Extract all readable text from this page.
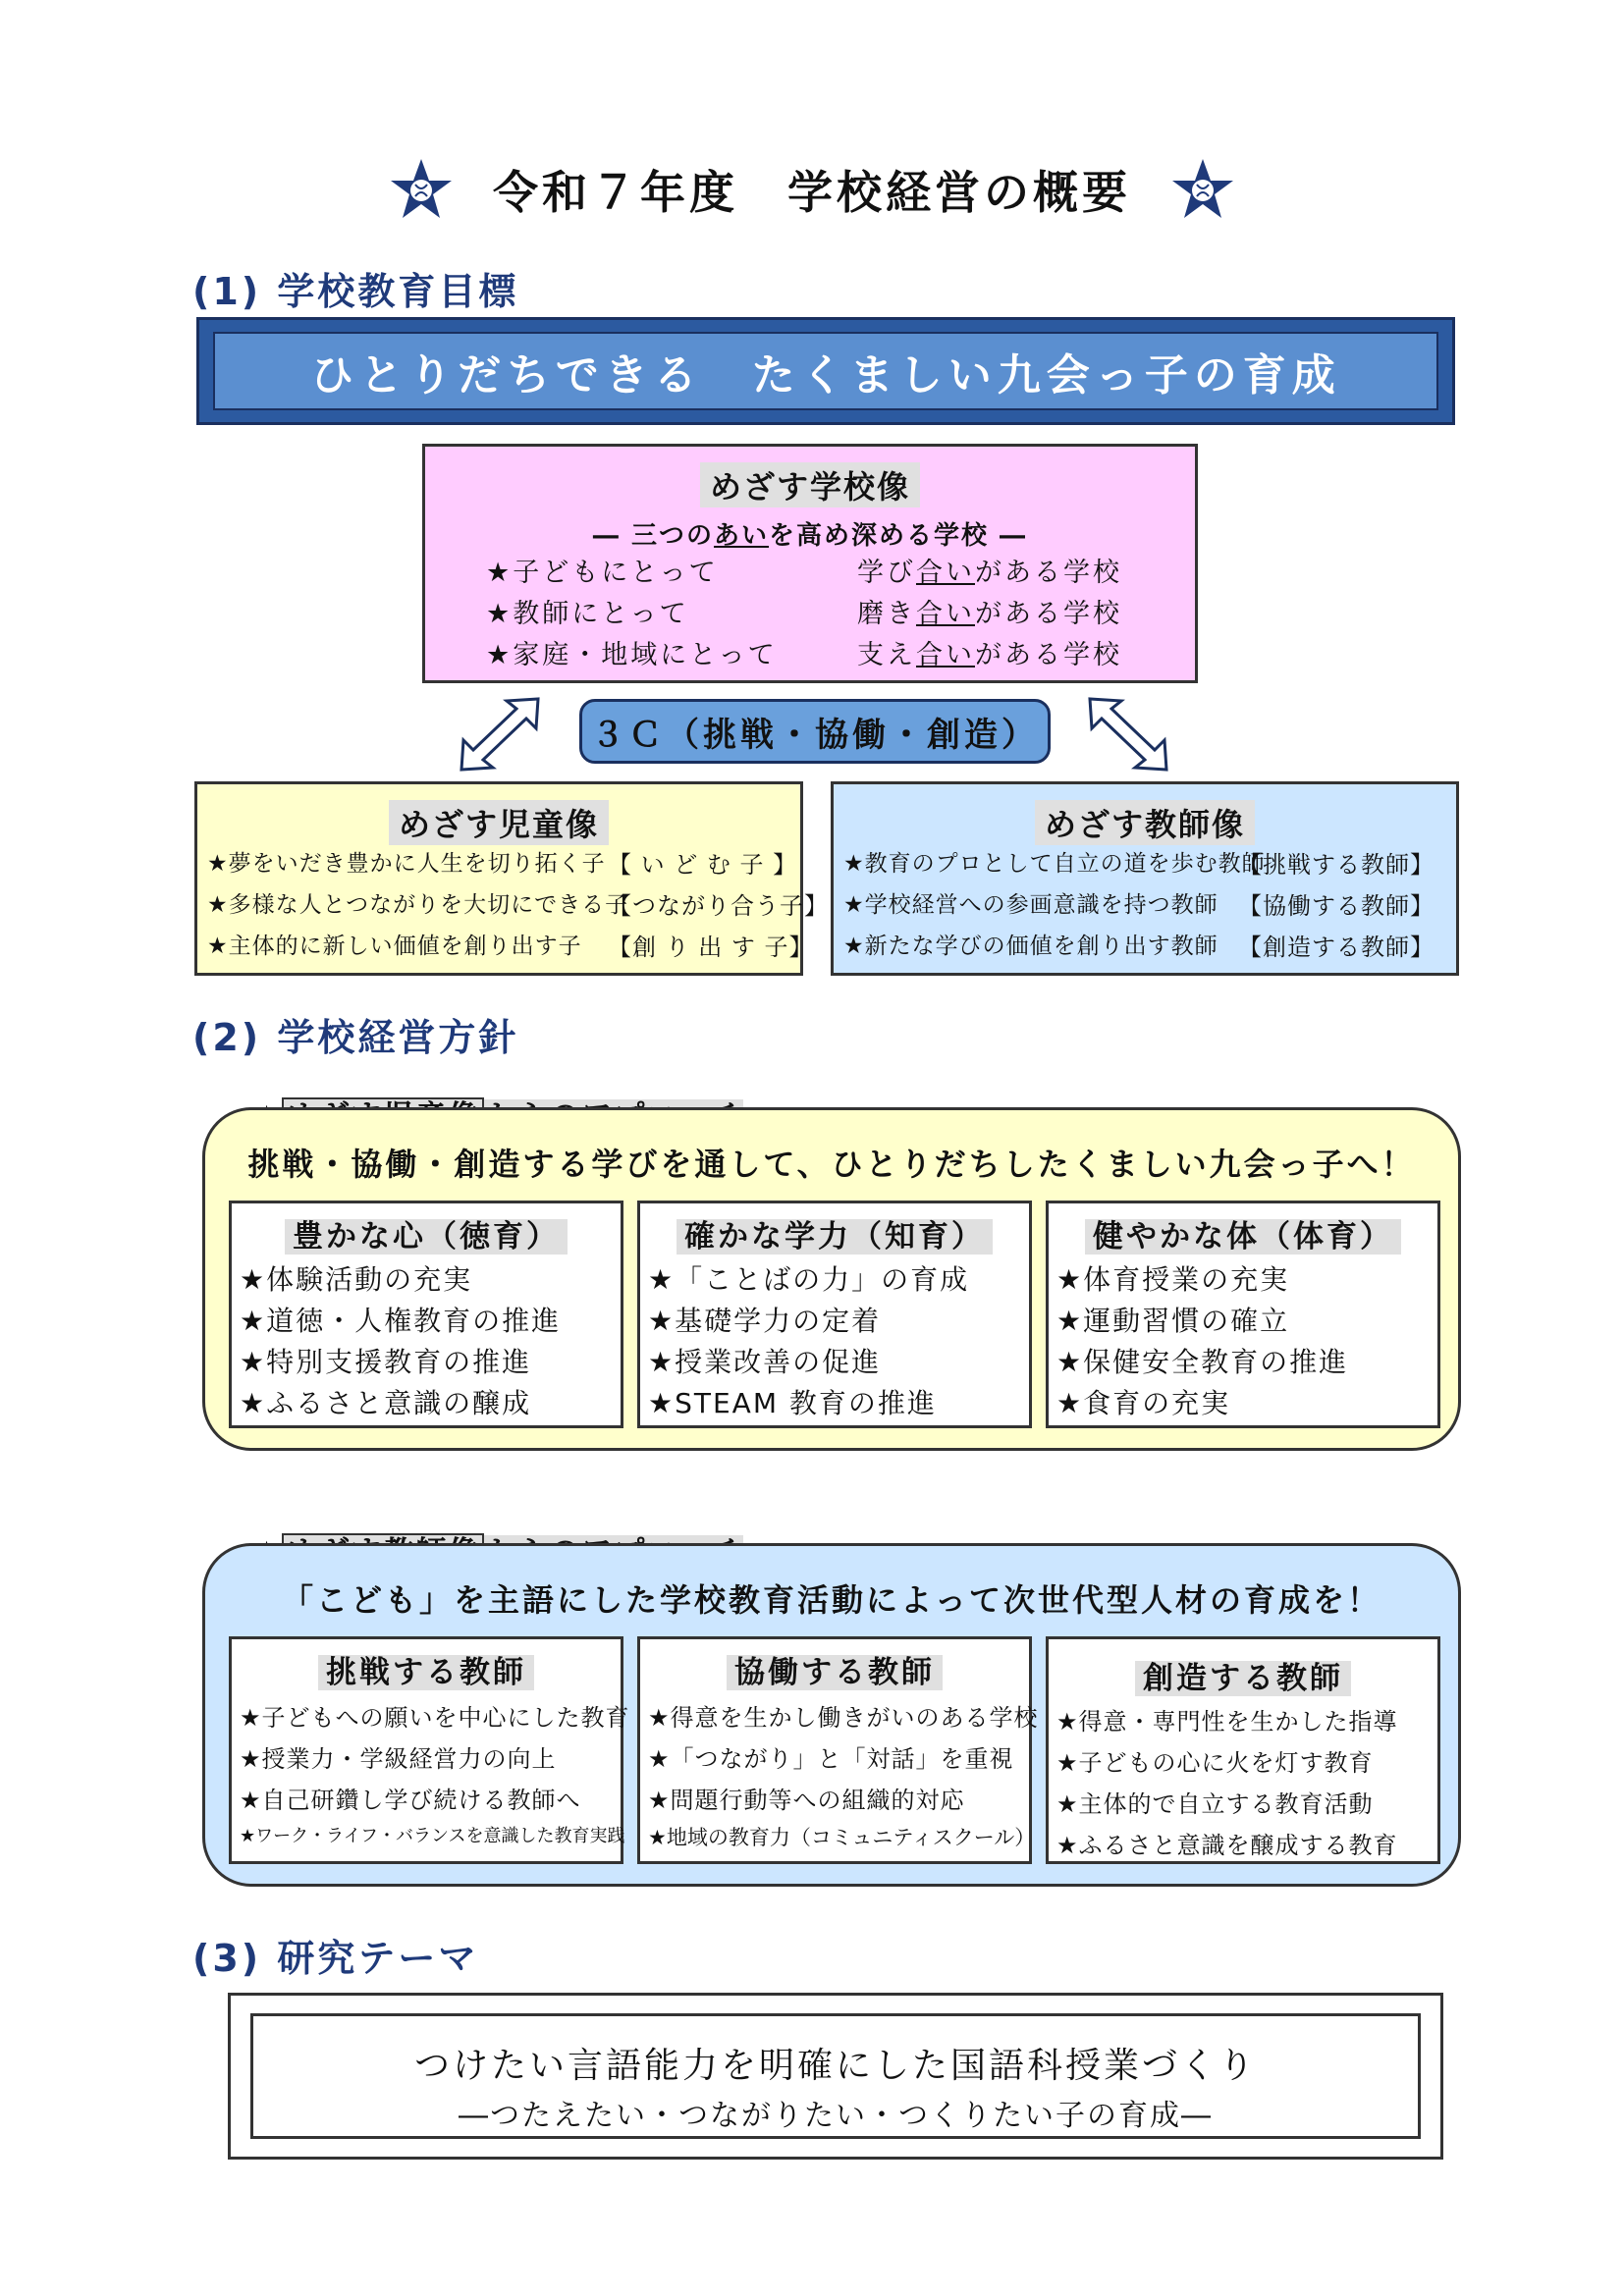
令和７年度　学校経営の概要
(1) 学校教育目標
ひとりだちできる　たくましい九会っ子の育成
めざす学校像
― 三つのあいを高め深める学校 ―
★子どもにとって	学び合いがある学校
★教師にとって	磨き合いがある学校
★家庭・地域にとって	支え合いがある学校
３Ｃ（挑戦・協働・創造）
めざす児童像
★夢をいだき豊かに人生を切り拓く子 【 い ど む 子 】
★多様な人とつながりを大切にできる子
【つながり合う子】
★主体的に新しい価値を創り出す子 【創 り 出 す 子】
めざす教師像
★教育のプロとして自立の道を歩む教師
【挑戦する教師】
★学校経営への参画意識を持つ教師 【協働する教師】
★新たな学びの価値を創り出す教師 【創造する教師】
(2) 学校経営方針

挑戦・協働・創造する学びを通して、ひとりだちしたくましい九会っ子へ！
豊かな心（徳育）
★体験活動の充実
★道徳・人権教育の推進
★特別支援教育の推進
★ふるさと意識の醸成
確かな学力（知育）
★「ことばの力」の育成
★基礎学力の定着
★授業改善の促進
★STEAM 教育の推進
健やかな体（体育）
★体育授業の充実
★運動習慣の確立
★保健安全教育の推進
★食育の充実

「こども」を主語にした学校教育活動によって次世代型人材の育成を！
挑戦する教師
★子どもへの願いを中心にした教育
★授業力・学級経営力の向上
★自己研鑽し学び続ける教師へ
★ワーク・ライフ・バランスを意識した教育実践
協働する教師
★得意を生かし働きがいのある学校
★「つながり」と「対話」を重視
★問題行動等への組織的対応
★地域の教育力（コミュニティスクール）
創造する教師
★得意・専門性を生かした指導
★子どもの心に火を灯す教育
★主体的で自立する教育活動
★ふるさと意識を醸成する教育
(3) 研究テーマ
つけたい言語能力を明確にした国語科授業づくり
―つたえたい・つながりたい・つくりたい子の育成―
